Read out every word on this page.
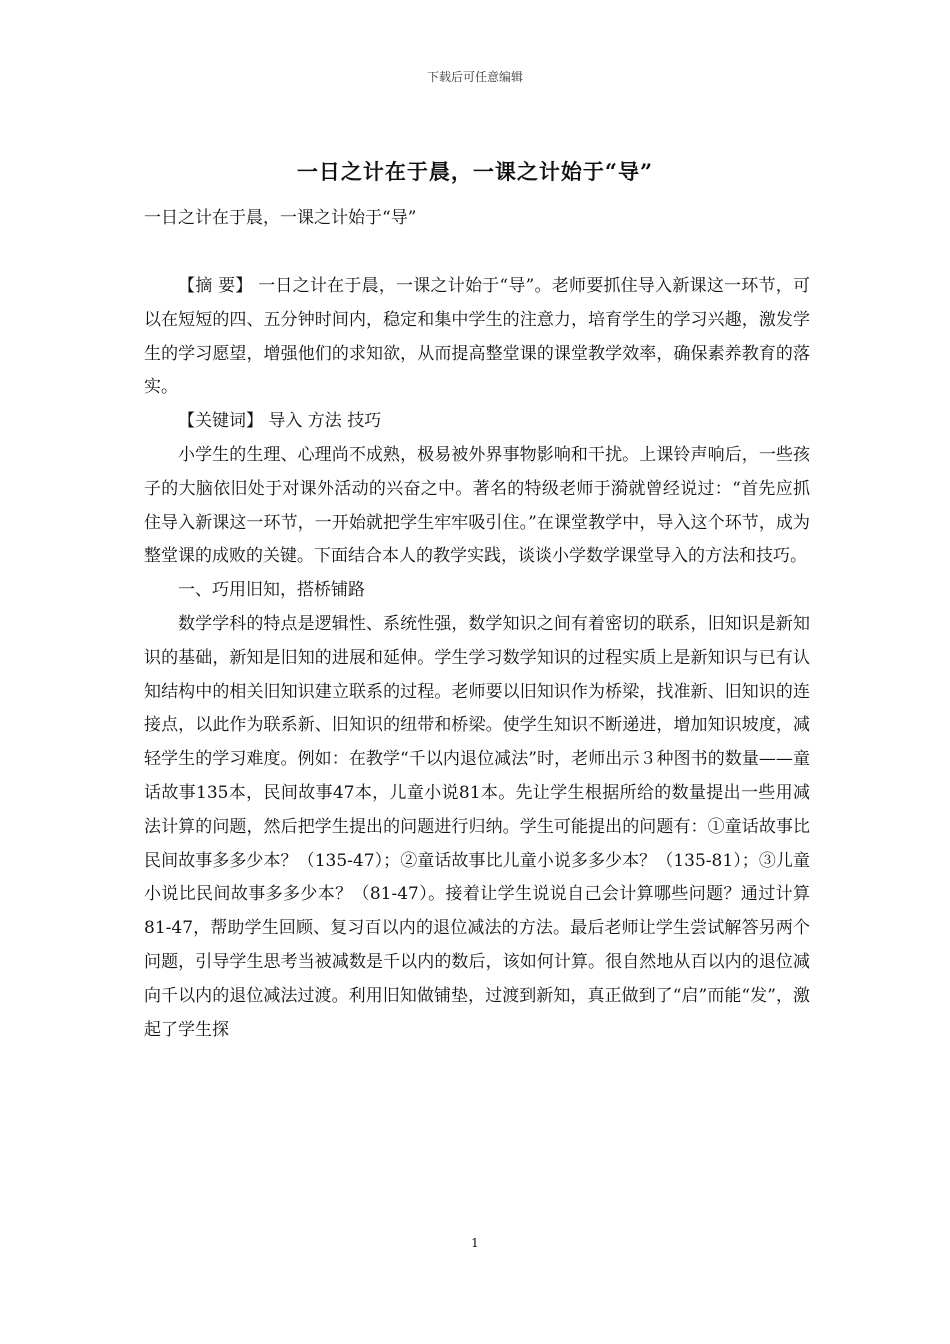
下载后可任意编辑
一日之计在于晨，一课之计始于“导”
一日之计在于晨，一课之计始于“导”

【摘 要】 一日之计在于晨，一课之计始于“导”。老师要抓住导入新课这一环节，可以在短短的四、五分钟时间内，稳定和集中学生的注意力，培育学生的学习兴趣，激发学生的学习愿望，增强他们的求知欲，从而提高整堂课的课堂教学效率，确保素养教育的落实。

【关键词】 导入 方法 技巧

小学生的生理、心理尚不成熟，极易被外界事物影响和干扰。上课铃声响后，一些孩子的大脑依旧处于对课外活动的兴奋之中。著名的特级老师于漪就曾经说过：“首先应抓住导入新课这一环节，一开始就把学生牢牢吸引住。”在课堂教学中，导入这个环节，成为整堂课的成败的关键。下面结合本人的教学实践，谈谈小学数学课堂导入的方法和技巧。

一、巧用旧知，搭桥铺路

数学学科的特点是逻辑性、系统性强，数学知识之间有着密切的联系，旧知识是新知识的基础，新知是旧知的进展和延伸。学生学习数学知识的过程实质上是新知识与已有认知结构中的相关旧知识建立联系的过程。老师要以旧知识作为桥梁，找准新、旧知识的连接点，以此作为联系新、旧知识的纽带和桥梁。使学生知识不断递进，增加知识坡度，减轻学生的学习难度。例如：在教学“千以内退位减法”时，老师出示３种图书的数量——童话故事135本，民间故事47本，儿童小说81本。先让学生根据所给的数量提出一些用减法计算的问题，然后把学生提出的问题进行归纳。学生可能提出的问题有：①童话故事比民间故事多多少本？（135-47）；②童话故事比儿童小说多多少本？（135-81）；③儿童小说比民间故事多多少本？（81-47）。接着让学生说说自己会计算哪些问题？通过计算81-47，帮助学生回顾、复习百以内的退位减法的方法。最后老师让学生尝试解答另两个问题，引导学生思考当被减数是千以内的数后，该如何计算。很自然地从百以内的退位减向千以内的退位减法过渡。利用旧知做铺垫，过渡到新知，真正做到了“启”而能“发”，激起了学生探

1
